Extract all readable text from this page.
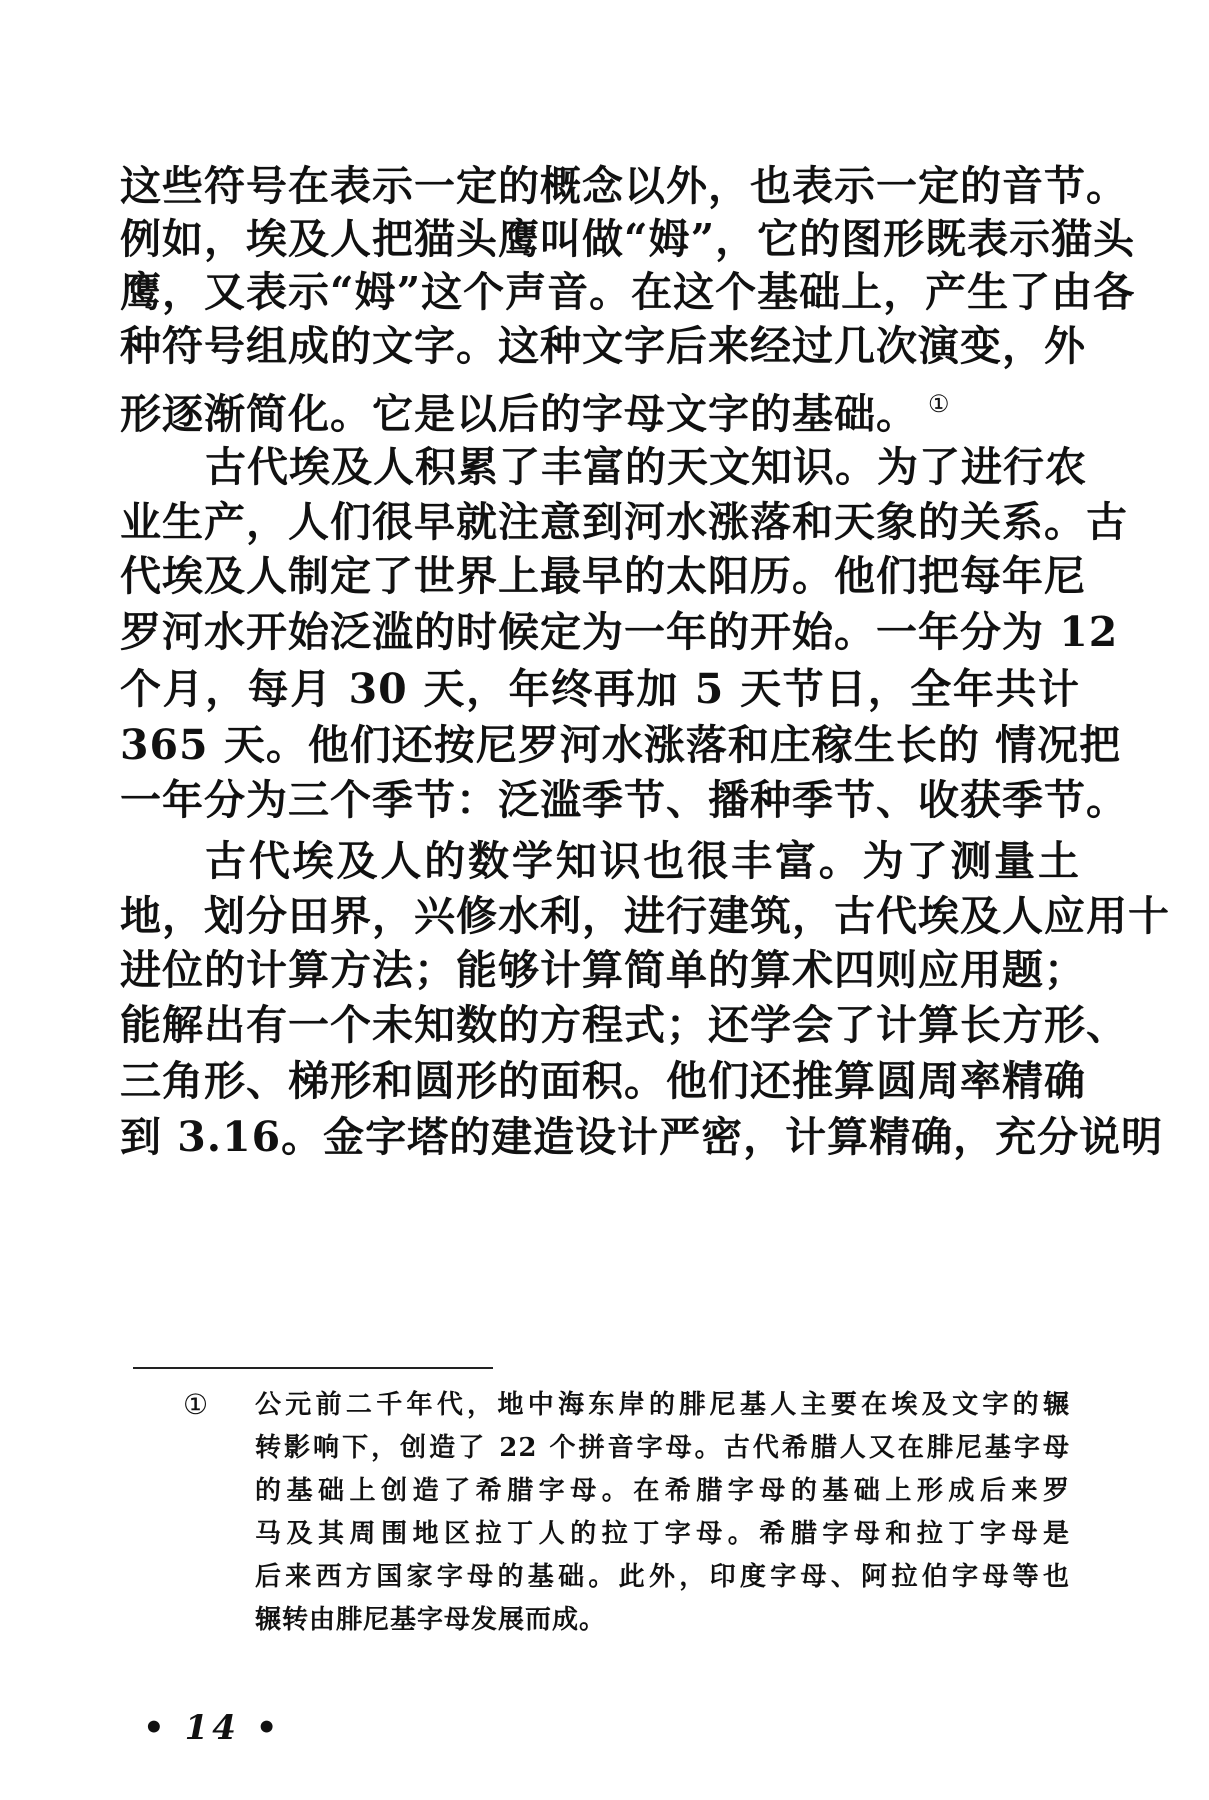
这些符号在表示一定的概念以外，也表示一定的音节。
例如，埃及人把猫头鹰叫做“姆”，它的图形既表示猫头
鹰，又表示“姆”这个声音。在这个基础上，产生了由各
种符号组成的文字。这种文字后来经过几次演变，外
形逐渐简化。它是以后的字母文字的基础。 ①
古代埃及人积累了丰富的天文知识。为了进行农
业生产，人们很早就注意到河水涨落和天象的关系。古
代埃及人制定了世界上最早的太阳历。他们把每年尼
罗河水开始泛滥的时候定为一年的开始。一年分为 12
个月，每月 30 天，年终再加 5 天节日，全年共计
365 天。他们还按尼罗河水涨落和庄稼生长的 情况把
一年分为三个季节：泛滥季节、播种季节、收获季节。
古代埃及人的数学知识也很丰富。为了测量土
地，划分田界，兴修水利，进行建筑，古代埃及人应用十
进位的计算方法；能够计算简单的算术四则应用题；
能解出有一个未知数的方程式；还学会了计算长方形、
三角形、梯形和圆形的面积。他们还推算圆周率精确
到 3.16。金字塔的建造设计严密，计算精确，充分说明
① 公元前二千年代，地中海东岸的腓尼基人主要在埃及文字的辗
转影响下，创造了 22 个拼音字母。古代希腊人又在腓尼基字母
的基础上创造了希腊字母。在希腊字母的基础上形成后来罗
马及其周围地区拉丁人的拉丁字母。希腊字母和拉丁字母是
后来西方国家字母的基础。此外，印度字母、阿拉伯字母等也
辗转由腓尼基字母发展而成。
• 14 •
